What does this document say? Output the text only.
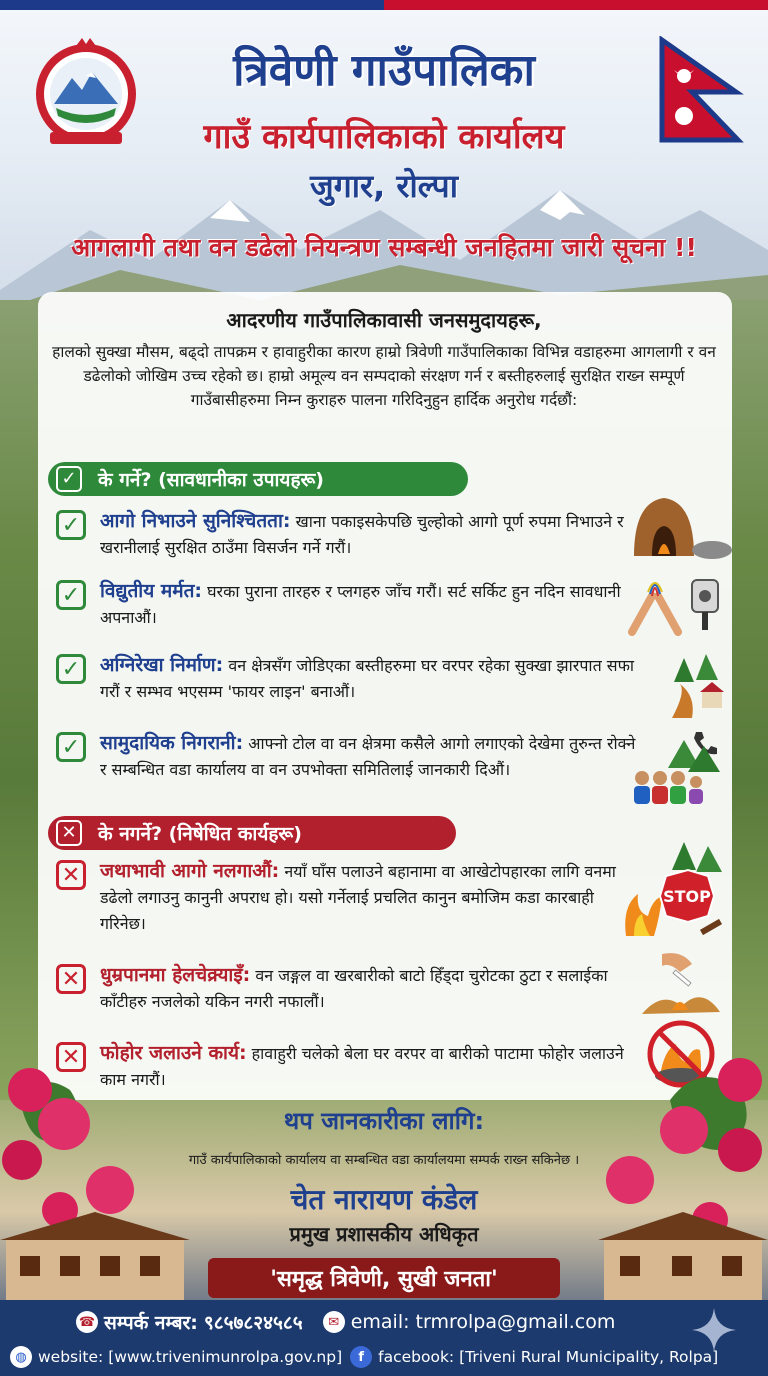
त्रिवेणी गाउँपालिका
गाउँ कार्यपालिकाको कार्यालय
जुगार, रोल्पा
आगलागी तथा वन डढेलो नियन्त्रण सम्बन्धी जनहितमा जारी सूचना !!
आदरणीय गाउँपालिकावासी जनसमुदायहरू,
हालको सुक्खा मौसम, बढ्दो तापक्रम र हावाहुरीका कारण हाम्रो त्रिवेणी गाउँपालिकाका विभिन्न वडाहरुमा आगलागी र वन डढेलोको जोखिम उच्च रहेको छ। हाम्रो अमूल्य वन सम्पदाको संरक्षण गर्न र बस्तीहरुलाई सुरक्षित राख्न सम्पूर्ण गाउँबासीहरुमा निम्न कुराहरु पालना गरिदिनुहुन हार्दिक अनुरोध गर्दछौं:
✓ के गर्ने? (सावधानीका उपायहरू)
✓	आगो निभाउने सुनिश्चितता: खाना पकाइसकेपछि चुल्होको आगो पूर्ण रुपमा निभाउने र खरानीलाई सुरक्षित ठाउँमा विसर्जन गर्ने गरौं।
✓	विद्युतीय मर्मत: घरका पुराना तारहरु र प्लगहरु जाँच गरौं। सर्ट सर्किट हुन नदिन सावधानी अपनाऔं।
✓	अग्निरेखा निर्माण: वन क्षेत्रसँग जोडिएका बस्तीहरुमा घर वरपर रहेका सुक्खा झारपात सफा गरौं र सम्भव भएसम्म 'फायर लाइन' बनाऔं।
✓	सामुदायिक निगरानी: आफ्नो टोल वा वन क्षेत्रमा कसैले आगो लगाएको देखेमा तुरुन्त रोक्ने र सम्बन्धित वडा कार्यालय वा वन उपभोक्ता समितिलाई जानकारी दिऔं।
✕ के नगर्ने? (निषेधित कार्यहरू)
✕	जथाभावी आगो नलगाऔं: नयाँ घाँस पलाउने बहानामा वा आखेटोपहारका लागि वनमा डढेलो लगाउनु कानुनी अपराध हो। यसो गर्नेलाई प्रचलित कानुन बमोजिम कडा कारबाही गरिनेछ।
✕	धुम्रपानमा हेलचेक्र्याइँ: वन जङ्गल वा खरबारीको बाटो हिँड्दा चुरोटका ठुटा र सलाईका काँटीहरु नजलेको यकिन नगरी नफालौं।
✕	फोहोर जलाउने कार्य: हावाहुरी चलेको बेला घर वरपर वा बारीको पाटामा फोहोर जलाउने काम नगरौं।
STOP
थप जानकारीका लागि:
गाउँ कार्यपालिकाको कार्यालय वा सम्बन्धित वडा कार्यालयमा सम्पर्क राख्न सकिनेछ ।
चेत नारायण कंडेल
प्रमुख प्रशासकीय अधिकृत
'समृद्ध त्रिवेणी, सुखी जनता'
☎ सम्पर्क नम्बर:
९८५७८२४५८५	✉ email: trmrolpa@gmail.com
◍ website: [www.trivenimunrolpa.gov.np]	f facebook: [Triveni Rural Municipality, Rolpa]
